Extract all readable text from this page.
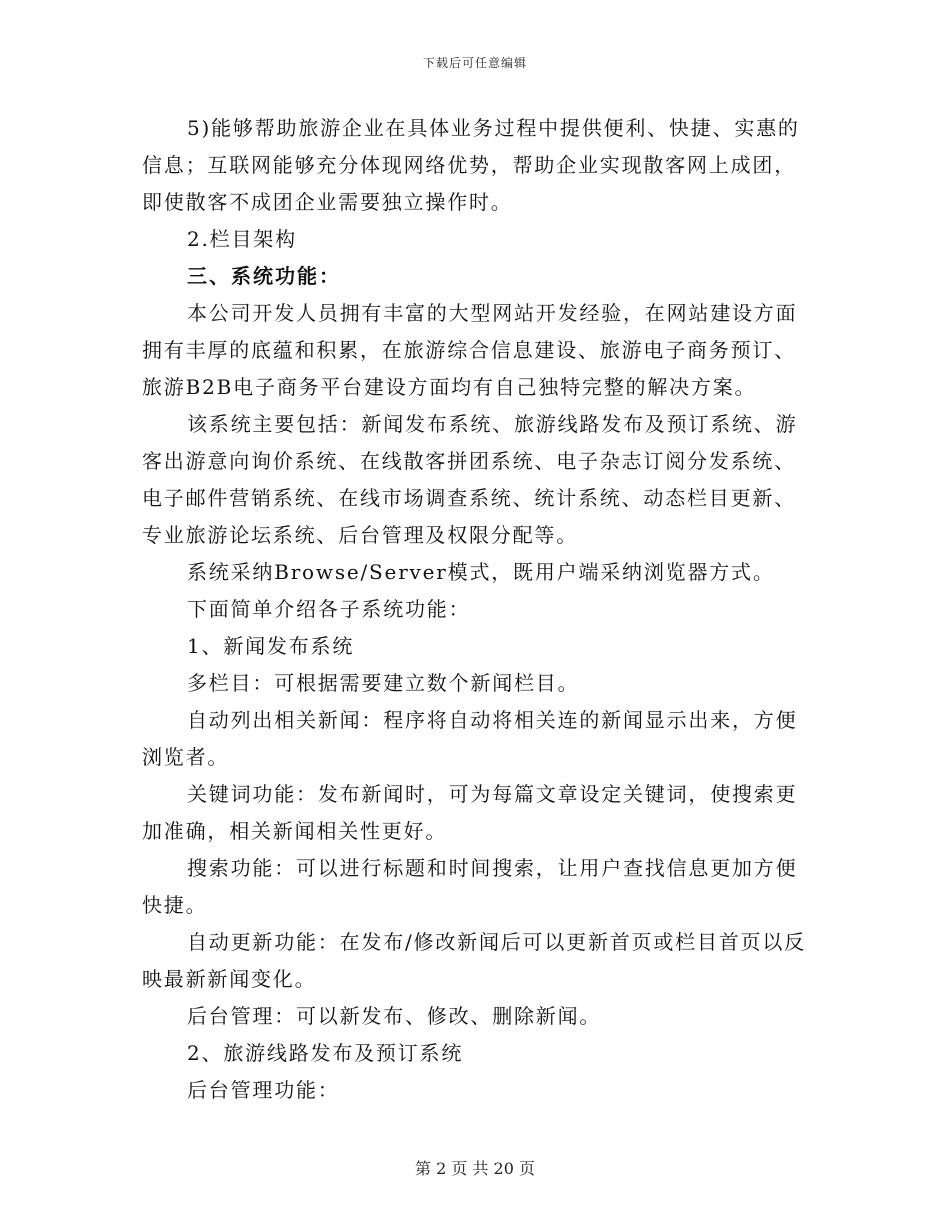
下载后可任意编辑

5)能够帮助旅游企业在具体业务过程中提供便利、快捷、实惠的信息；互联网能够充分体现网络优势，帮助企业实现散客网上成团，即使散客不成团企业需要独立操作时。

2.栏目架构

三、系统功能：

本公司开发人员拥有丰富的大型网站开发经验，在网站建设方面拥有丰厚的底蕴和积累，在旅游综合信息建设、旅游电子商务预订、旅游B2B电子商务平台建设方面均有自己独特完整的解决方案。

该系统主要包括：新闻发布系统、旅游线路发布及预订系统、游客出游意向询价系统、在线散客拼团系统、电子杂志订阅分发系统、电子邮件营销系统、在线市场调查系统、统计系统、动态栏目更新、专业旅游论坛系统、后台管理及权限分配等。

系统采纳Browse/Server模式，既用户端采纳浏览器方式。

下面简单介绍各子系统功能：

1、新闻发布系统

多栏目：可根据需要建立数个新闻栏目。

自动列出相关新闻：程序将自动将相关连的新闻显示出来，方便浏览者。

关键词功能：发布新闻时，可为每篇文章设定关键词，使搜索更加准确，相关新闻相关性更好。

搜索功能：可以进行标题和时间搜索，让用户查找信息更加方便快捷。

自动更新功能：在发布/修改新闻后可以更新首页或栏目首页以反映最新新闻变化。

后台管理：可以新发布、修改、删除新闻。

2、旅游线路发布及预订系统

后台管理功能：

第 2 页 共 20 页
